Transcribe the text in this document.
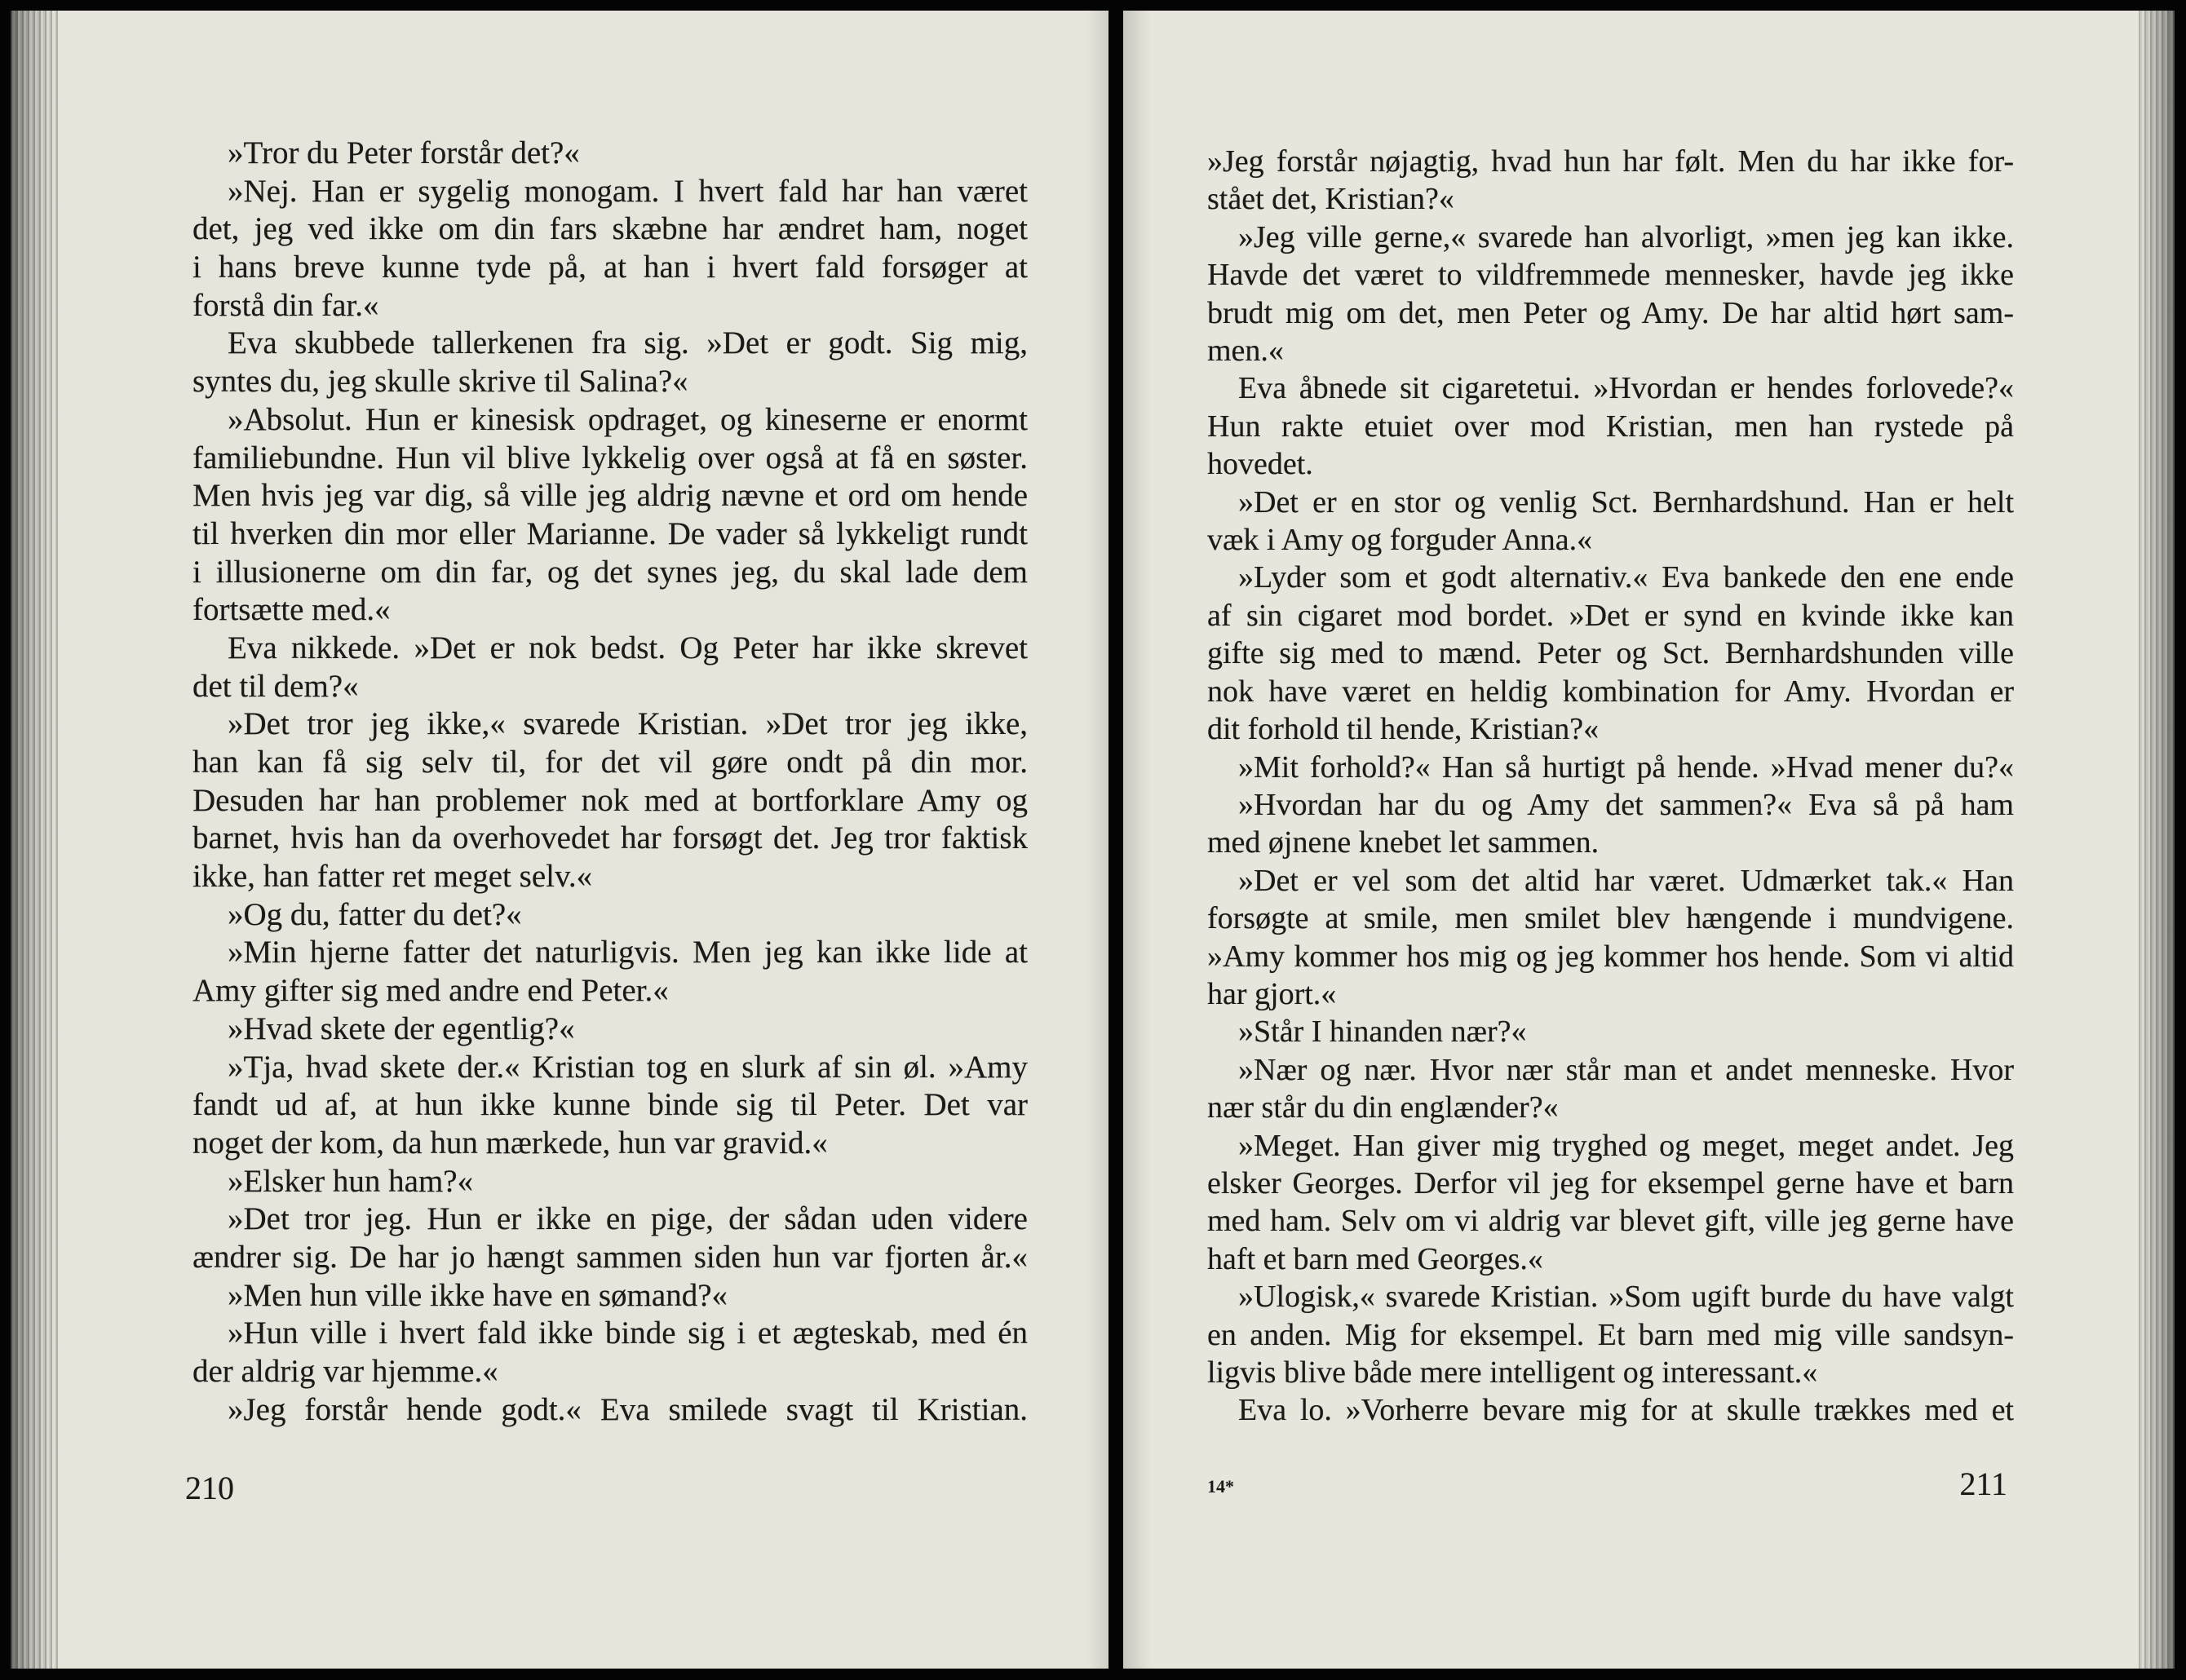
»Tror du Peter forstår det?«
»Nej. Han er sygelig monogam. I hvert fald har han været
det, jeg ved ikke om din fars skæbne har ændret ham, noget
i hans breve kunne tyde på, at han i hvert fald forsøger at
forstå din far.«
Eva skubbede tallerkenen fra sig. »Det er godt. Sig mig,
syntes du, jeg skulle skrive til Salina?«
»Absolut. Hun er kinesisk opdraget, og kineserne er enormt
familiebundne. Hun vil blive lykkelig over også at få en søster.
Men hvis jeg var dig, så ville jeg aldrig nævne et ord om hende
til hverken din mor eller Marianne. De vader så lykkeligt rundt
i illusionerne om din far, og det synes jeg, du skal lade dem
fortsætte med.«
Eva nikkede. »Det er nok bedst. Og Peter har ikke skrevet
det til dem?«
»Det tror jeg ikke,« svarede Kristian. »Det tror jeg ikke,
han kan få sig selv til, for det vil gøre ondt på din mor.
Desuden har han problemer nok med at bortforklare Amy og
barnet, hvis han da overhovedet har forsøgt det. Jeg tror faktisk
ikke, han fatter ret meget selv.«
»Og du, fatter du det?«
»Min hjerne fatter det naturligvis. Men jeg kan ikke lide at
Amy gifter sig med andre end Peter.«
»Hvad skete der egentlig?«
»Tja, hvad skete der.« Kristian tog en slurk af sin øl. »Amy
fandt ud af, at hun ikke kunne binde sig til Peter. Det var
noget der kom, da hun mærkede, hun var gravid.«
»Elsker hun ham?«
»Det tror jeg. Hun er ikke en pige, der sådan uden videre
ændrer sig. De har jo hængt sammen siden hun var fjorten år.«
»Men hun ville ikke have en sømand?«
»Hun ville i hvert fald ikke binde sig i et ægteskab, med én
der aldrig var hjemme.«
»Jeg forstår hende godt.« Eva smilede svagt til Kristian.
210
»Jeg forstår nøjagtig, hvad hun har følt. Men du har ikke for-
stået det, Kristian?«
»Jeg ville gerne,« svarede han alvorligt, »men jeg kan ikke.
Havde det været to vildfremmede mennesker, havde jeg ikke
brudt mig om det, men Peter og Amy. De har altid hørt sam-
men.«
Eva åbnede sit cigaretetui. »Hvordan er hendes forlovede?«
Hun rakte etuiet over mod Kristian, men han rystede på
hovedet.
»Det er en stor og venlig Sct. Bernhardshund. Han er helt
væk i Amy og forguder Anna.«
»Lyder som et godt alternativ.« Eva bankede den ene ende
af sin cigaret mod bordet. »Det er synd en kvinde ikke kan
gifte sig med to mænd. Peter og Sct. Bernhardshunden ville
nok have været en heldig kombination for Amy. Hvordan er
dit forhold til hende, Kristian?«
»Mit forhold?« Han så hurtigt på hende. »Hvad mener du?«
»Hvordan har du og Amy det sammen?« Eva så på ham
med øjnene knebet let sammen.
»Det er vel som det altid har været. Udmærket tak.« Han
forsøgte at smile, men smilet blev hængende i mundvigene.
»Amy kommer hos mig og jeg kommer hos hende. Som vi altid
har gjort.«
»Står I hinanden nær?«
»Nær og nær. Hvor nær står man et andet menneske. Hvor
nær står du din englænder?«
»Meget. Han giver mig tryghed og meget, meget andet. Jeg
elsker Georges. Derfor vil jeg for eksempel gerne have et barn
med ham. Selv om vi aldrig var blevet gift, ville jeg gerne have
haft et barn med Georges.«
»Ulogisk,« svarede Kristian. »Som ugift burde du have valgt
en anden. Mig for eksempel. Et barn med mig ville sandsyn-
ligvis blive både mere intelligent og interessant.«
Eva lo. »Vorherre bevare mig for at skulle trækkes med et
14*	211
